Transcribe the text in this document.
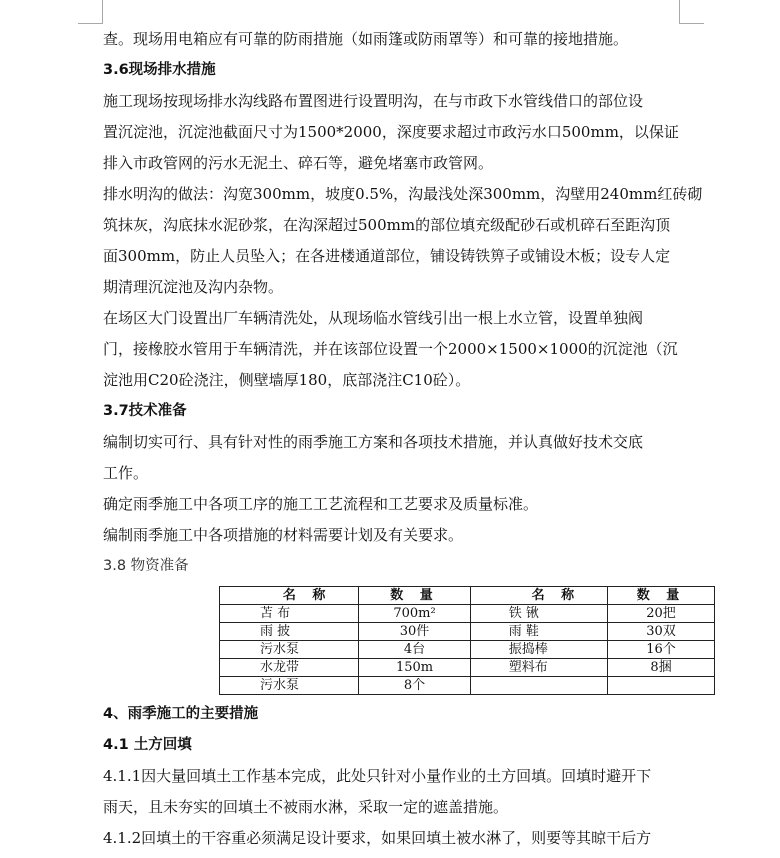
查。现场用电箱应有可靠的防雨措施（如雨篷或防雨罩等）和可靠的接地措施。

3.6现场排水措施

施工现场按现场排水沟线路布置图进行设置明沟，在与市政下水管线借口的部位设

置沉淀池，沉淀池截面尺寸为1500*2000，深度要求超过市政污水口500mm，以保证

排入市政管网的污水无泥土、碎石等，避免堵塞市政管网。

排水明沟的做法：沟宽300mm，坡度0.5%，沟最浅处深300mm，沟壁用240mm红砖砌

筑抹灰，沟底抹水泥砂浆，在沟深超过500mm的部位填充级配砂石或机碎石至距沟顶

面300mm，防止人员坠入；在各进楼通道部位，铺设铸铁箅子或铺设木板；设专人定

期清理沉淀池及沟内杂物。

在场区大门设置出厂车辆清洗处，从现场临水管线引出一根上水立管，设置单独阀

门，接橡胶水管用于车辆清洗，并在该部位设置一个2000×1500×1000的沉淀池（沉

淀池用C20砼浇注，侧壁墙厚180，底部浇注C10砼）。

3.7技术准备

编制切实可行、具有针对性的雨季施工方案和各项技术措施，并认真做好技术交底

工作。

确定雨季施工中各项工序的施工工艺流程和工艺要求及质量标准。

编制雨季施工中各项措施的材料需要计划及有关要求。

3.8 物资准备

名 称	数 量	名 称	数 量
苫 布	700m²	铁 锹	20把
雨 披	30件	雨 鞋	30双
污水泵	4台	振捣棒	16个
水龙带	150m	塑料布	8捆
污水泵	8个		

4、雨季施工的主要措施

4.1 土方回填

4.1.1因大量回填土工作基本完成，此处只针对小量作业的土方回填。回填时避开下

雨天，且未夯实的回填土不被雨水淋，采取一定的遮盖措施。

4.1.2回填土的干容重必须满足设计要求，如果回填土被水淋了，则要等其晾干后方
